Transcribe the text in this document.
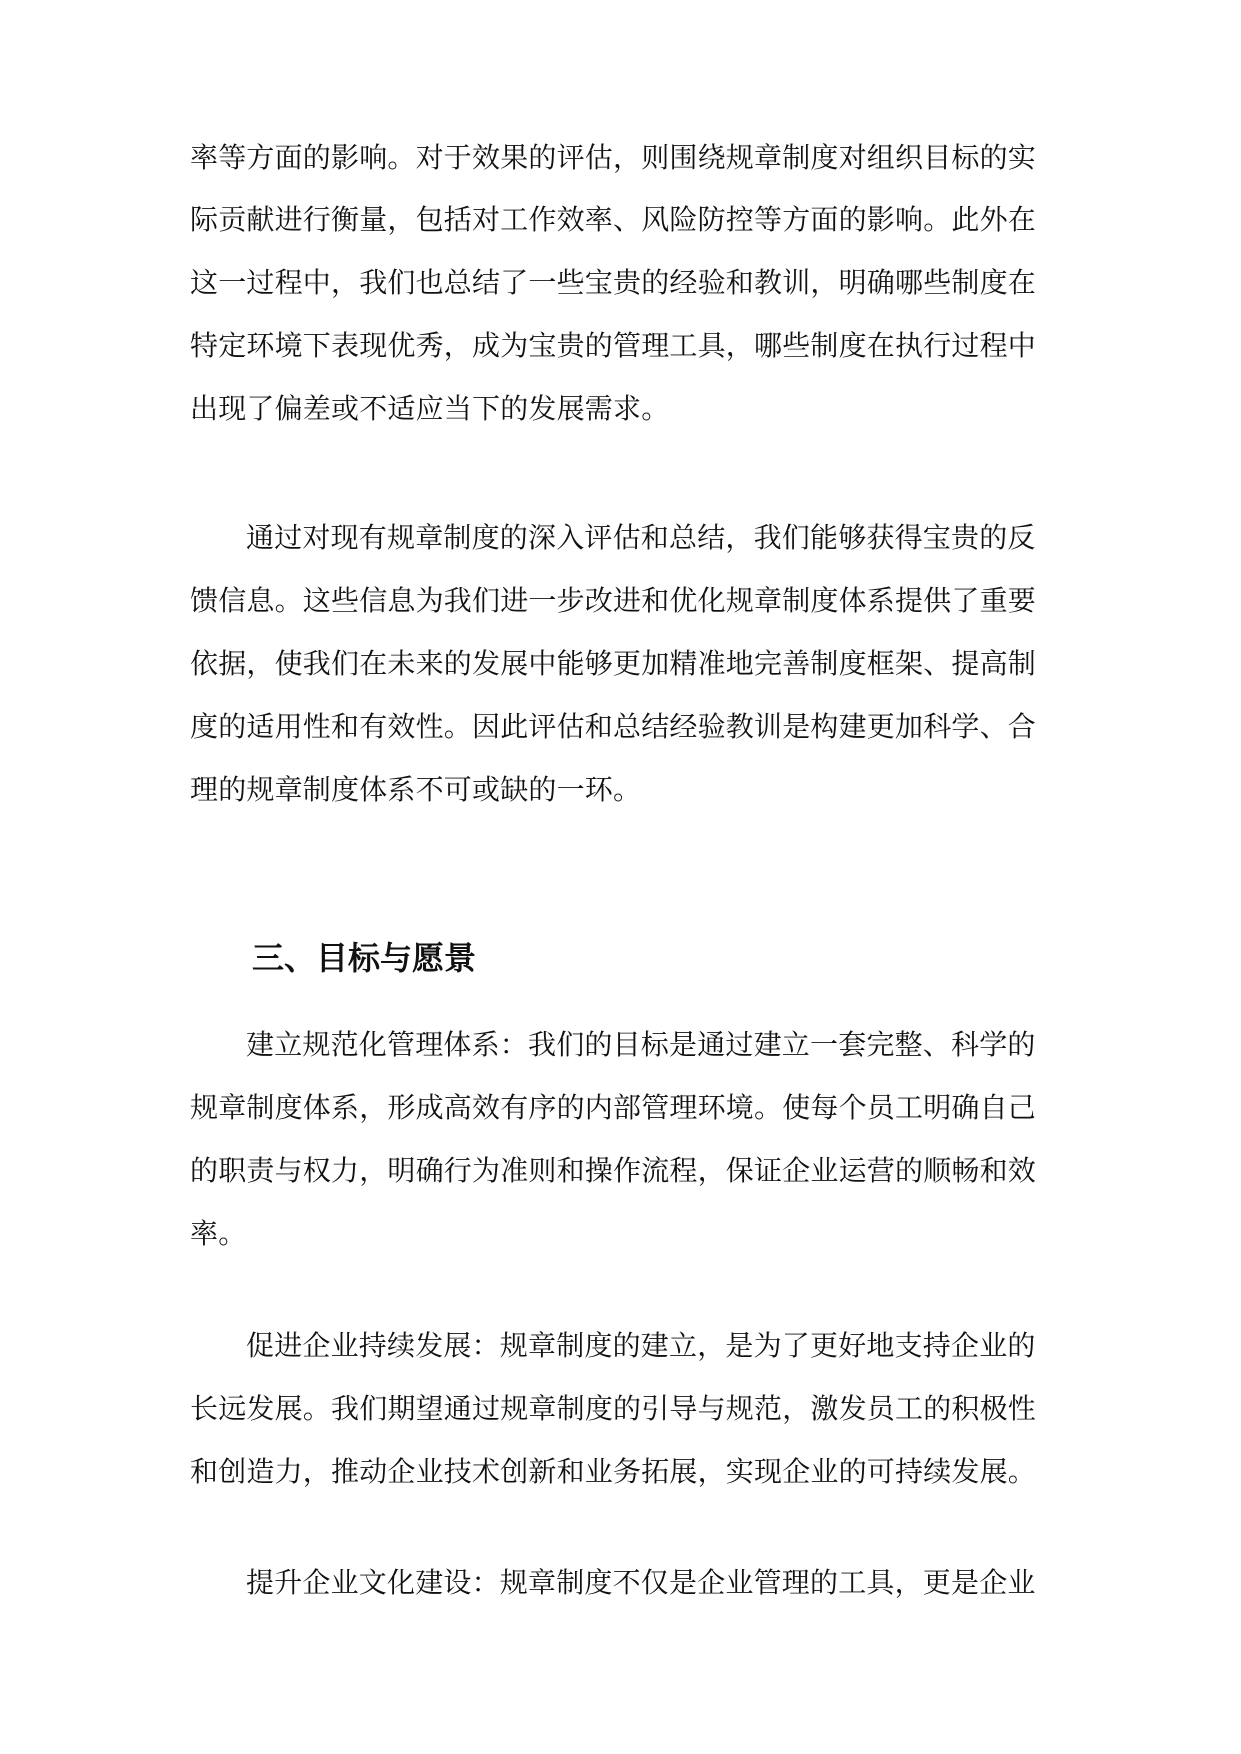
率等方面的影响。对于效果的评估，则围绕规章制度对组织目标的实
际贡献进行衡量，包括对工作效率、风险防控等方面的影响。此外在
这一过程中，我们也总结了一些宝贵的经验和教训，明确哪些制度在
特定环境下表现优秀，成为宝贵的管理工具，哪些制度在执行过程中
出现了偏差或不适应当下的发展需求。
通过对现有规章制度的深入评估和总结，我们能够获得宝贵的反
馈信息。这些信息为我们进一步改进和优化规章制度体系提供了重要
依据，使我们在未来的发展中能够更加精准地完善制度框架、提高制
度的适用性和有效性。因此评估和总结经验教训是构建更加科学、合
理的规章制度体系不可或缺的一环。
三、目标与愿景
建立规范化管理体系：我们的目标是通过建立一套完整、科学的
规章制度体系，形成高效有序的内部管理环境。使每个员工明确自己
的职责与权力，明确行为准则和操作流程，保证企业运营的顺畅和效
率。
促进企业持续发展：规章制度的建立，是为了更好地支持企业的
长远发展。我们期望通过规章制度的引导与规范，激发员工的积极性
和创造力，推动企业技术创新和业务拓展，实现企业的可持续发展。
提升企业文化建设：规章制度不仅是企业管理的工具，更是企业
